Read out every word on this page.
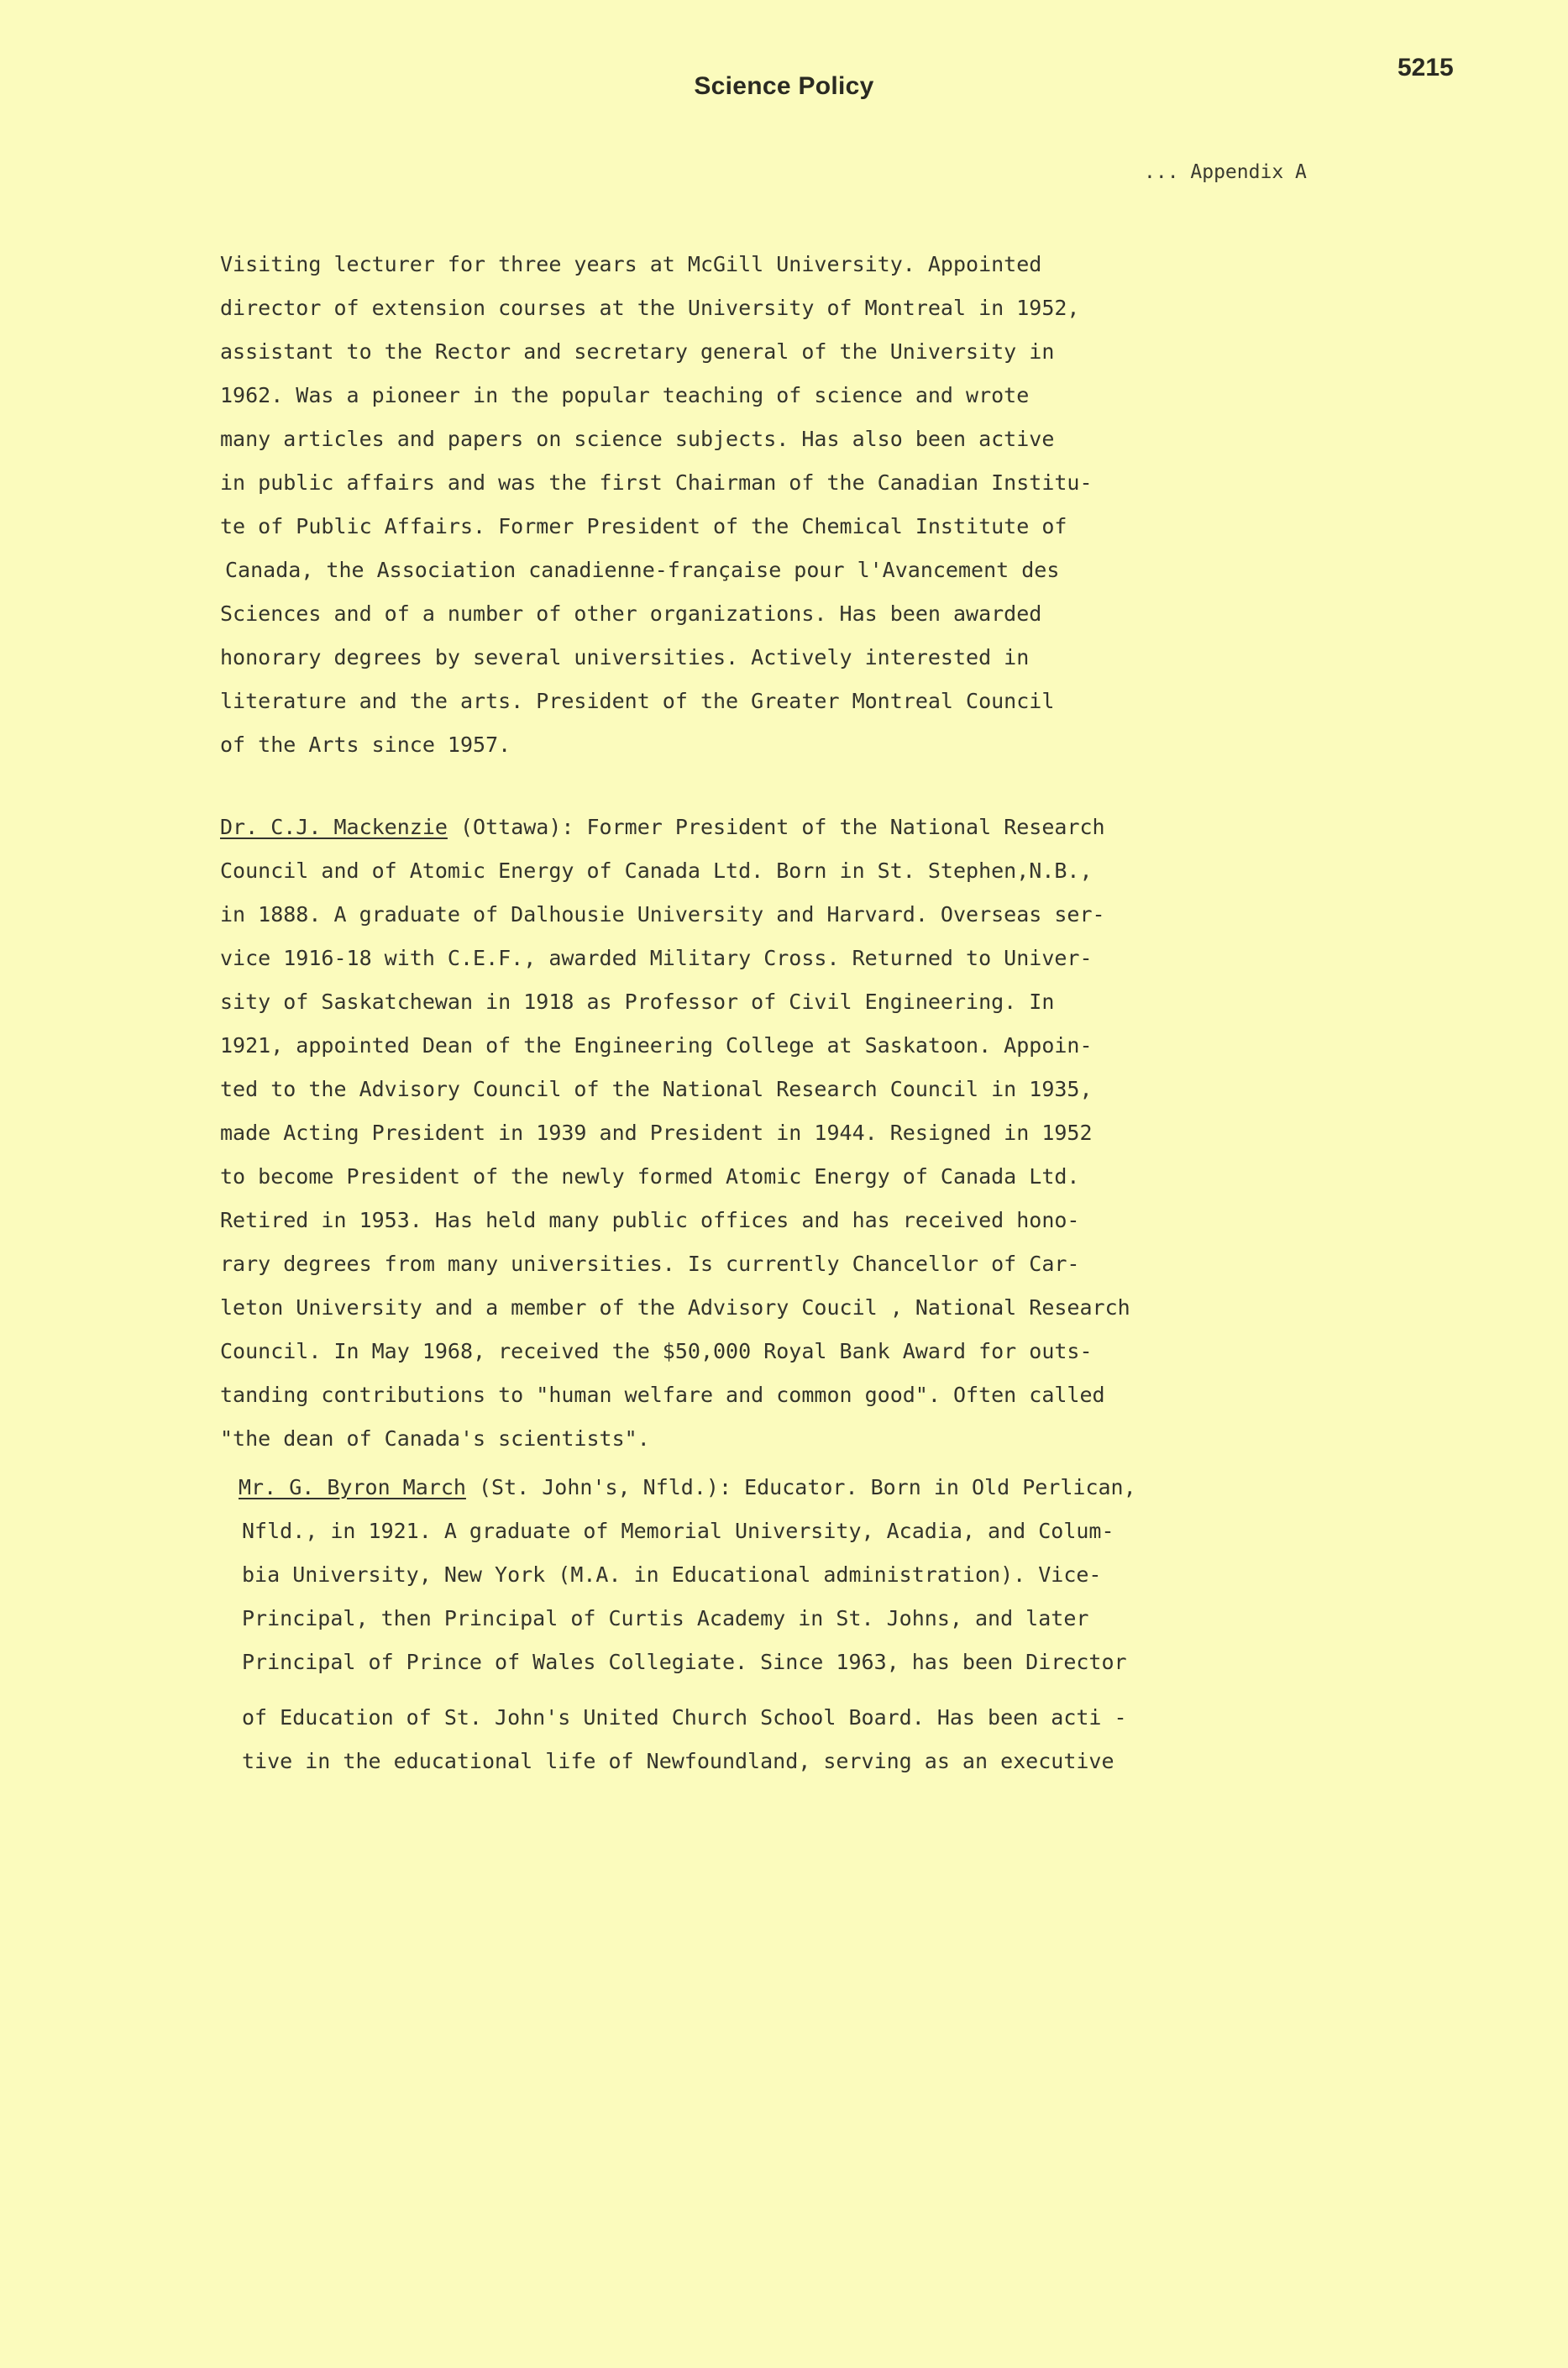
Science Policy
5215
... Appendix A
Visiting lecturer for three years at McGill University. Appointed
director of extension courses at the University of Montreal in 1952,
assistant to the Rector and secretary general of the University in
1962. Was a pioneer in the popular teaching of science and wrote
many articles and papers on science subjects. Has also been active
in public affairs and was the first Chairman of the Canadian Institu-
te of Public Affairs. Former President of the Chemical Institute of
Canada, the Association canadienne-française pour l'Avancement des
Sciences and of a number of other organizations. Has been awarded
honorary degrees by several universities. Actively interested in
literature and the arts. President of the Greater Montreal Council
of the Arts since 1957.
Dr. C.J. Mackenzie (Ottawa): Former President of the National Research
Council and of Atomic Energy of Canada Ltd. Born in St. Stephen,N.B.,
in 1888. A graduate of Dalhousie University and Harvard. Overseas ser-
vice 1916-18 with C.E.F., awarded Military Cross. Returned to Univer-
sity of Saskatchewan in 1918 as Professor of Civil Engineering. In
1921, appointed Dean of the Engineering College at Saskatoon. Appoin-
ted to the Advisory Council of the National Research Council in 1935,
made Acting President in 1939 and President in 1944. Resigned in 1952
to become President of the newly formed Atomic Energy of Canada Ltd.
Retired in 1953. Has held many public offices and has received hono-
rary degrees from many universities. Is currently Chancellor of Car-
leton University and a member of the Advisory Coucil , National Research
Council. In May 1968, received the $50,000 Royal Bank Award for outs-
tanding contributions to "human welfare and common good". Often called
"the dean of Canada's scientists".
Mr. G. Byron March (St. John's, Nfld.): Educator. Born in Old Perlican,
Nfld., in 1921. A graduate of Memorial University, Acadia, and Colum-
bia University, New York (M.A. in Educational administration). Vice-
Principal, then Principal of Curtis Academy in St. Johns, and later
Principal of Prince of Wales Collegiate. Since 1963, has been Director
of Education of St. John's United Church School Board. Has been acti -
tive in the educational life of Newfoundland, serving as an executive
